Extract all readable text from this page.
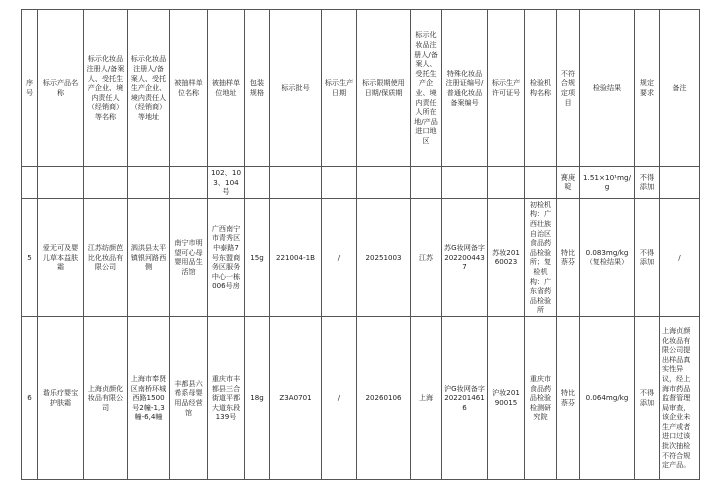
序号	标示产品名称	标示化妆品注册人/备案人、受托生产企业、境内责任人（经销商）等名称	标示化妆品注册人/备案人、受托生产企业、境内责任人（经销商）等地址	被抽样单位名称	被抽样单位地址	包装规格	标示批号	标示生产日期	标示限期使用日期/保质期	标示化妆品注册人/备案人、受托生产企业、境内责任人所在地/产品进口地区	特殊化妆品注册证编号/普通化妆品备案编号	标示生产许可证号	检验机构名称	不符合规定项目	检验结果	规定要求	备注
					102、103、104号									赛庚啶	1.51×10¹mg/g	不得添加	
5	爱无可及婴儿草本益肤霜	江苏纺颜芭比化妆品有限公司	泗洪县太平镇银河路西侧	南宁市明望可心母婴用品生活馆	广西南宁市青秀区中泰路7号东盟商务区服务中心一栋006号房	15g	221004-1B	/	20251003	江苏	苏G妆网备字2022004437	苏妆20160023	初检机构：广西壮族自治区食品药品检验所；复检机构：广东省药品检验所	特比萘芬	0.083mg/kg（复检结果）	不得添加	/
6	谐乐疗婴宝护肤霜	上海贞颜化妆品有限公司	上海市奉贤区南桥环城西路1500号2幢-1,3幢-6,4幢	丰都县六希系母婴用品经营馆	重庆市丰都县三合街道平都大道东段139号	18g	Z3A0701	/	20260106	上海	沪G妆网备字2022014616	沪妆20190015	重庆市食品药品检验检测研究院	特比萘芬	0.064mg/kg	不得添加	上海贞颜化妆品有限公司提出样品真实性异议，经上海市药品监督管理局审查，该企业未生产或者进口过该批次抽检不符合规定产品。
